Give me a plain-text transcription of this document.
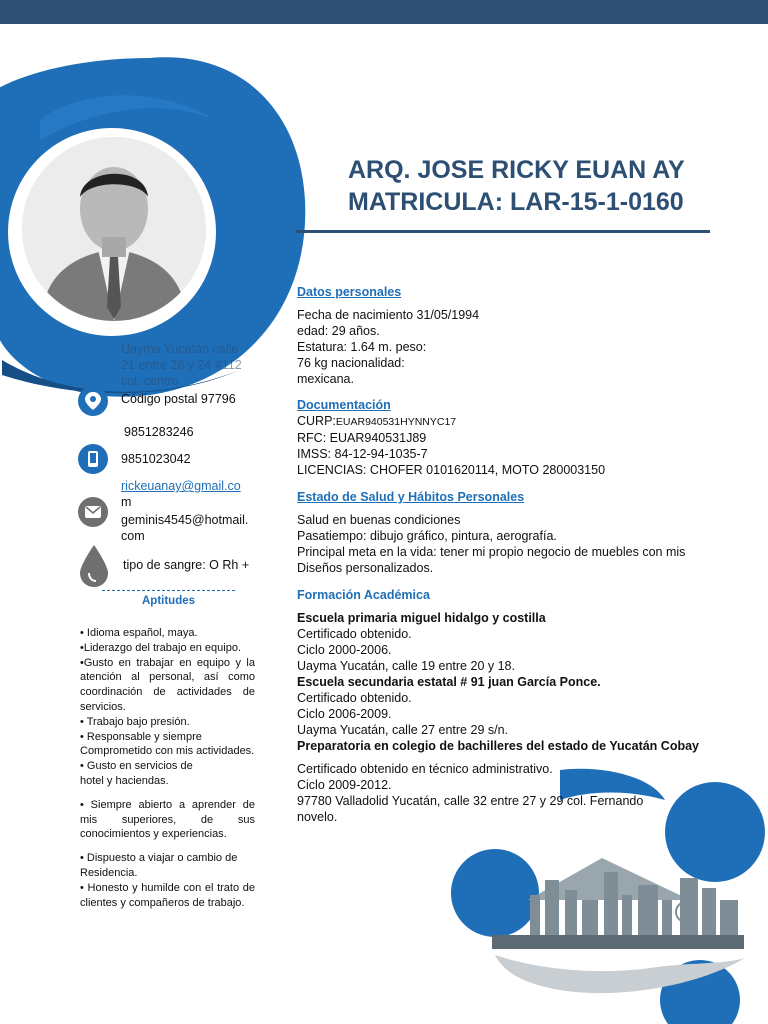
ARQ. JOSE RICKY EUAN AY
MATRICULA: LAR-15-1-0160
Uayma Yucatán calle
21 entre 26 y 24 #112
col. centro
Código postal 97796
9851283246
9851023042
rickeuanay@gmail.co
m
geminis4545@hotmail.
com
tipo de sangre: O Rh +
Aptitudes
• Idioma español, maya.
•Liderazgo del trabajo en equipo.
•Gusto en trabajar en equipo y la atención al personal, así como coordinación de actividades de servicios.
• Trabajo bajo presión.
• Responsable y siempre Comprometido con mis actividades.
• Gusto en servicios de hotel y haciendas.
• Siempre abierto a aprender de mis superiores, de sus conocimientos y experiencias.
• Dispuesto a viajar o cambio de Residencia.
• Honesto y humilde con el trato de clientes y compañeros de trabajo.
Datos personales
Fecha de nacimiento 31/05/1994
edad: 29 años.
Estatura: 1.64 m. peso:
76 kg nacionalidad:
mexicana.
Documentación
CURP:EUAR940531HYNNYC17
RFC: EUAR940531J89
IMSS: 84-12-94-1035-7
LICENCIAS: CHOFER 0101620114, MOTO 280003150
Estado de Salud y Hábitos Personales
Salud en buenas condiciones
Pasatiempo: dibujo gráfico, pintura, aerografía.
Principal meta en la vida: tener mi propio negocio de muebles con mis Diseños personalizados.
Formación Académica
Escuela primaria miguel hidalgo y costilla
Certificado obtenido.
Ciclo 2000-2006.
Uayma Yucatán, calle 19 entre 20 y 18.
Escuela secundaria estatal # 91 juan García Ponce.
Certificado obtenido.
Ciclo 2006-2009.
Uayma Yucatán, calle 27 entre 29 s/n.
Preparatoria en colegio de bachilleres del estado de Yucatán Cobay
Certificado obtenido en técnico administrativo.
Ciclo 2009-2012.
97780 Valladolid Yucatán, calle 32 entre 27 y 29 col. Fernando
novelo.
